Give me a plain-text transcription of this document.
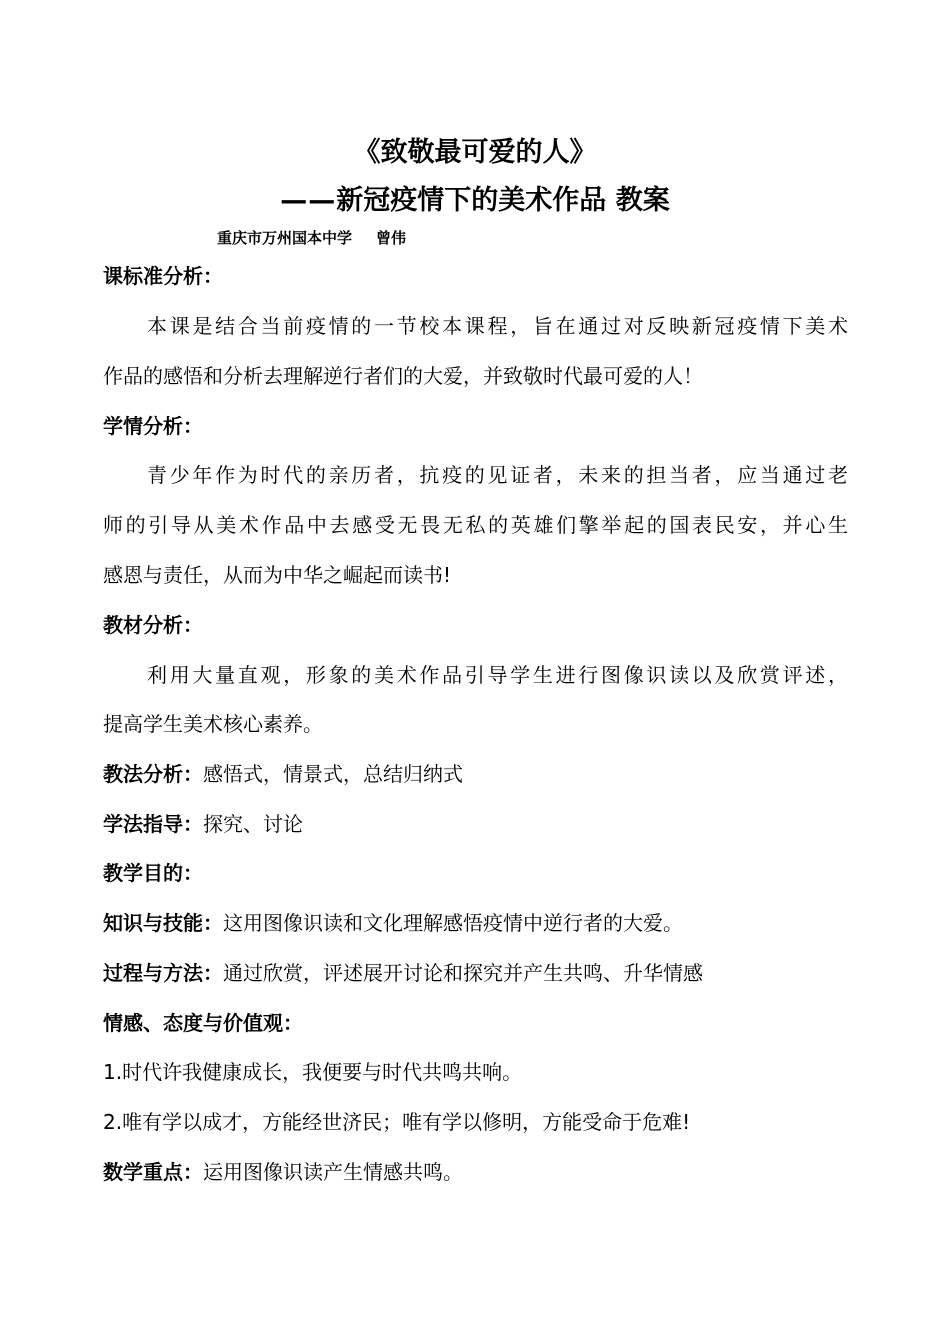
《致敬最可爱的人》
——新冠疫情下的美术作品 教案
重庆市万州国本中学 曾伟
课标准分析：
本课是结合当前疫情的一节校本课程，旨在通过对反映新冠疫情下美术
作品的感悟和分析去理解逆行者们的大爱，并致敬时代最可爱的人！
学情分析：
青少年作为时代的亲历者，抗疫的见证者，未来的担当者，应当通过老
师的引导从美术作品中去感受无畏无私的英雄们擎举起的国表民安，并心生
感恩与责任，从而为中华之崛起而读书!
教材分析：
利用大量直观，形象的美术作品引导学生进行图像识读以及欣赏评述，
提高学生美术核心素养。
教法分析：感悟式，情景式，总结归纳式
学法指导：探究、讨论
教学目的：
知识与技能：这用图像识读和文化理解感悟疫情中逆行者的大爱。
过程与方法：通过欣赏，评述展开讨论和探究并产生共鸣、升华情感
情感、态度与价值观：
1.时代许我健康成长，我便要与时代共鸣共响。
2.唯有学以成才，方能经世济民；唯有学以修明，方能受命于危难!
数学重点：运用图像识读产生情感共鸣。
